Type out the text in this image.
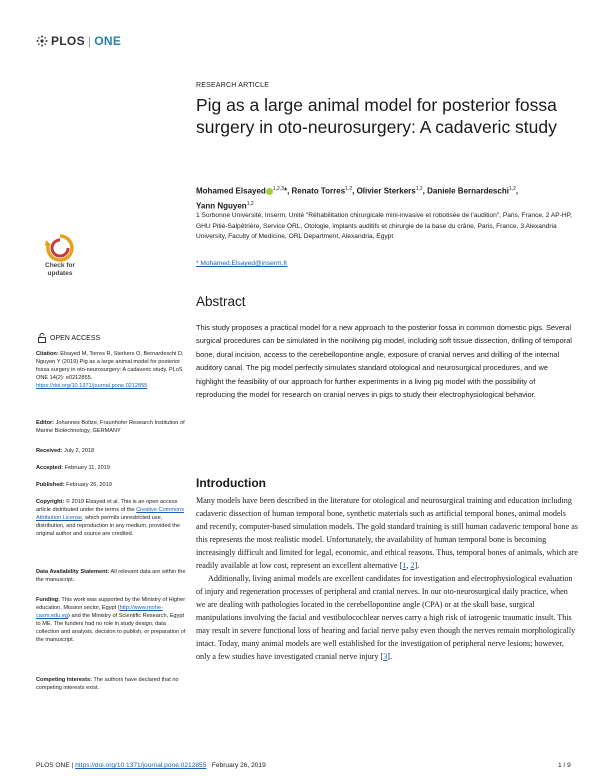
PLOS | ONE
RESEARCH ARTICLE
Pig as a large animal model for posterior fossa surgery in oto-neurosurgery: A cadaveric study
Mohamed Elsayed $^{1,2,3}$*, Renato Torres$^{1,2}$, Olivier Sterkers$^{1,2}$, Daniele Bernardeschi$^{1,2}$,
Yann Nguyen$^{1,2}$
1 Sorbonne Université, Inserm, Unité "Réhabilitation chirurgicale mini-invasive et robotisée de l'audition", Paris, France, 2 AP-HP, GHU Pitié-Salpêtrière, Service ORL, Otologie, implants auditifs et chirurgie de la base du crâne, Paris, France, 3 Alexandria University, Faculty of Medicine, ORL Department, Alexandria, Egypt
* Mohamed.Elsayed@inserm.fr
Check for
updates
OPEN ACCESS
Citation: Elsayed M, Torres R, Sterkers O, Bernardeschi D, Nguyen Y (2019) Pig as a large animal model for posterior fossa surgery in oto-neurosurgery: A cadaveric study. PLoS ONE 14(2): e0212855. https://doi.org/10.1371/journal.pone.0212855
Editor: Johannes Boltze, Fraunhofer Research Institution of Marine Biotechnology, GERMANY
Received: July 2, 2018
Accepted: February 11, 2019
Published: February 26, 2019
Copyright: © 2019 Elsayed et al. This is an open access article distributed under the terms of the Creative Commons Attribution License, which permits unrestricted use, distribution, and reproduction in any medium, provided the original author and source are credited.
Data Availability Statement: All relevant data are within the the manuscript.
Funding: This work was supported by the Ministry of Higher education, Mission sector, Egypt (http://www.mohe-casm.edu.eg) and the Ministry of Scientific Research, Egypt to ME. The funders had no role in study design, data collection and analysis, decision to publish, or preparation of the manuscript.
Competing interests: The authors have declared that no competing interests exist.
Abstract
This study proposes a practical model for a new approach to the posterior fossa in common domestic pigs. Several surgical procedures can be simulated in the nonliving pig model, including soft tissue dissection, drilling of temporal bone, dural incision, access to the cerebellopontine angle, exposure of cranial nerves and drilling of the internal auditory canal. The pig model perfectly simulates standard otological and neurosurgical procedures, and we highlight the feasibility of our approach for further experiments in a living pig model with the possibility of reproducing the model for research on cranial nerves in pigs to study their electrophysiological behavior.
Introduction

Many models have been described in the literature for otological and neurosurgical training and education including cadaveric dissection of human temporal bone, synthetic materials such as artificial temporal bones, animal models and recently, computer-based simulation models. The gold standard training is still human cadaveric temporal bone as this represents the most realistic model. Unfortunately, the availability of human temporal bone is becoming increasingly difficult and limited for legal, economic, and ethical reasons. Thus, temporal bones of animals, which are readily available at low cost, represent an excellent alternative [1, 2].

Additionally, living animal models are excellent candidates for investigation and electrophysiological evaluation of injury and regeneration processes of peripheral and cranial nerves. In our oto-neurosurgical daily practice, when we are dealing with pathologies located in the cerebellopontine angle (CPA) or at the skull base, surgical manipulations involving the facial and vestibulocochlear nerves carry a high risk of iatrogenic traumatic insult. This may result in severe functional loss of hearing and facial nerve palsy even though the nerves remain morphologically intact. Today, many animal models are well established for the investigation of peripheral nerve lesions; however, only a few studies have investigated cranial nerve injury [3].

PLOS ONE | https://doi.org/10.1371/journal.pone.0212855 February 26, 2019	1 / 9
